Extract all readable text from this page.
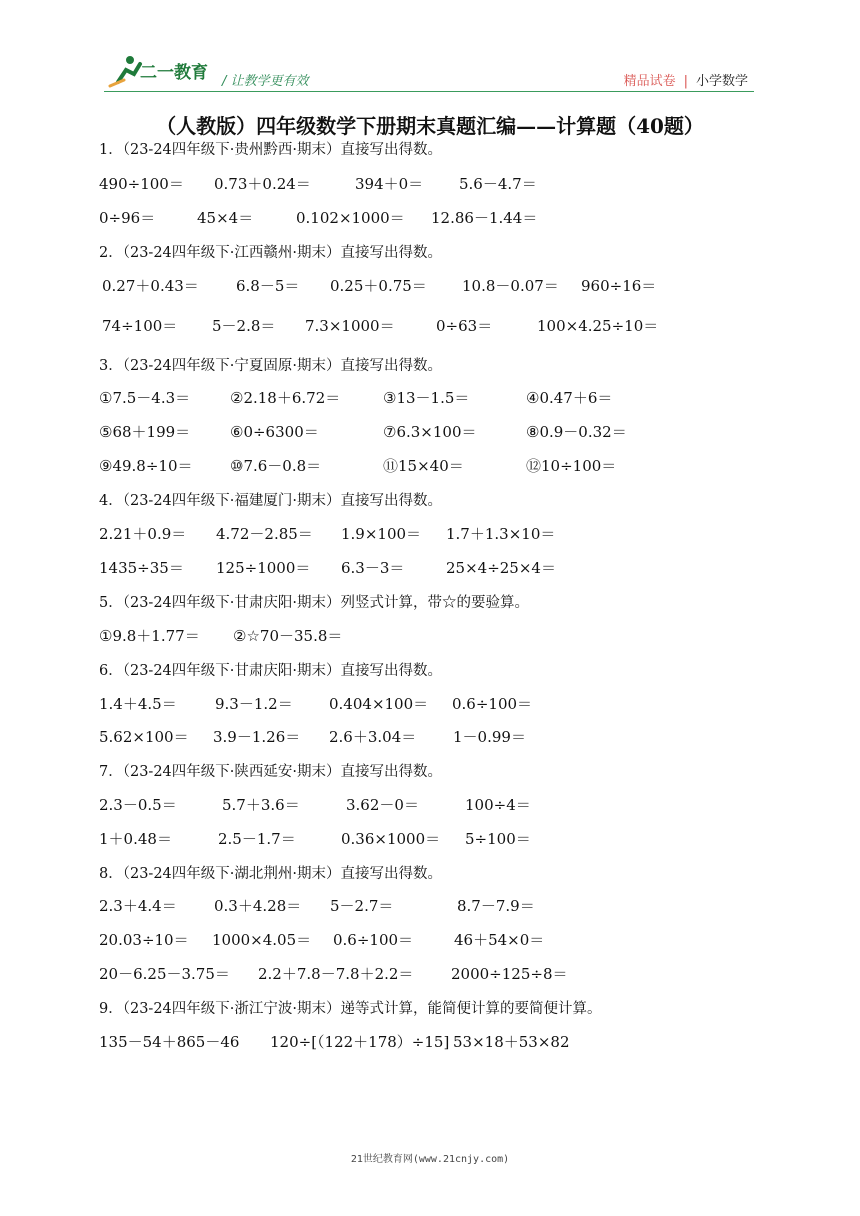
二一教育 / 让教学更有效	精品试卷 | 小学数学
（人教版）四年级数学下册期末真题汇编——计算题（40题）
1．（23-24四年级下·贵州黔西·期末）直接写出得数。
490÷100＝ 0.73＋0.24＝	394＋0＝ 5.6－4.7＝
0÷96＝	45×4＝	0.102×1000＝ 12.86－1.44＝
2．（23-24四年级下·江西赣州·期末）直接写出得数。
0.27＋0.43＝ 6.8－5＝ 0.25＋0.75＝ 10.8－0.07＝ 960÷16＝
74÷100＝ 5－2.8＝ 7.3×1000＝	0÷63＝	100×4.25÷10＝
3．（23-24四年级下·宁夏固原·期末）直接写出得数。
①7.5－4.3＝	②2.18＋6.72＝	③13－1.5＝	④0.47＋6＝
⑤68＋199＝	⑥0÷6300＝	⑦6.3×100＝	⑧0.9－0.32＝
⑨49.8÷10＝ ⑩7.6－0.8＝	⑪15×40＝	⑫10÷100＝
4．（23-24四年级下·福建厦门·期末）直接写出得数。
2.21＋0.9＝ 4.72－2.85＝ 1.9×100＝ 1.7＋1.3×10＝
1435÷35＝ 125÷1000＝ 6.3－3＝	25×4÷25×4＝
5．（23-24四年级下·甘肃庆阳·期末）列竖式计算，带☆的要验算。
①9.8＋1.77＝ ②☆70－35.8＝
6．（23-24四年级下·甘肃庆阳·期末）直接写出得数。
1.4＋4.5＝	9.3－1.2＝ 0.404×100＝ 0.6÷100＝
5.62×100＝ 3.9－1.26＝ 2.6＋3.04＝ 1－0.99＝
7．（23-24四年级下·陕西延安·期末）直接写出得数。
2.3－0.5＝	5.7＋3.6＝	3.62－0＝	100÷4＝
1＋0.48＝	2.5－1.7＝	0.36×1000＝ 5÷100＝
8．（23-24四年级下·湖北荆州·期末）直接写出得数。
2.3＋4.4＝ 0.3＋4.28＝ 5－2.7＝	8.7－7.9＝
20.03÷10＝ 1000×4.05＝ 0.6÷100＝	46＋54×0＝
20－6.25－3.75＝ 2.2＋7.8－7.8＋2.2＝	2000÷125÷8＝
9．（23-24四年级下·浙江宁波·期末）递等式计算，能简便计算的要简便计算。
135－54＋865－46 120÷[（122＋178）÷15] 53×18＋53×82
21世纪教育网(www.21cnjy.com)
